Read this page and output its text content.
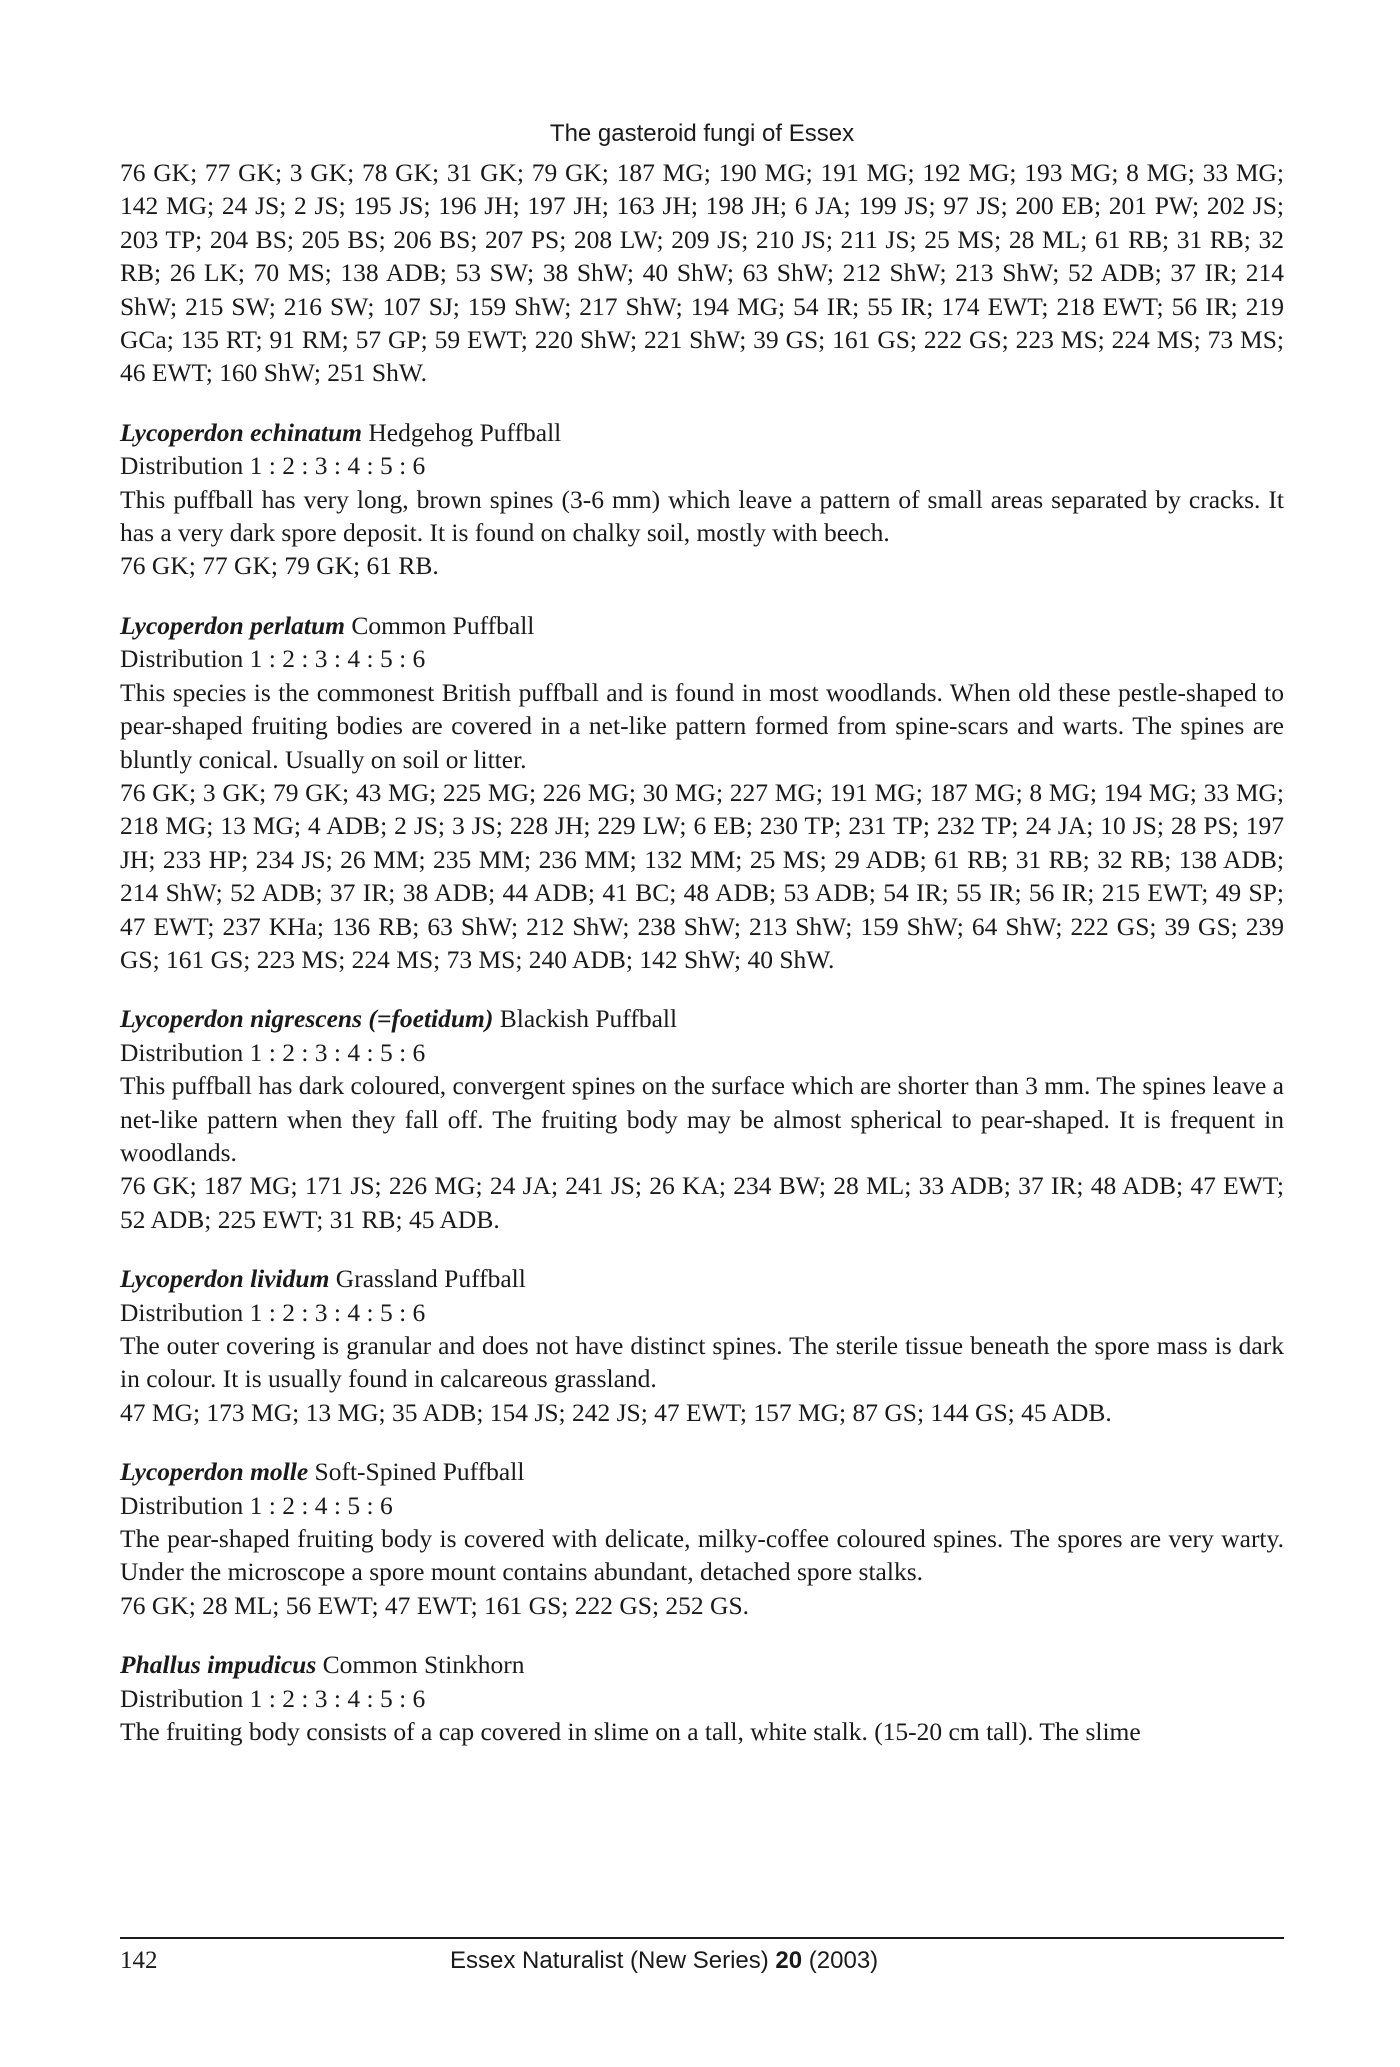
The gasteroid fungi of Essex

76 GK; 77 GK; 3 GK; 78 GK; 31 GK; 79 GK; 187 MG; 190 MG; 191 MG; 192 MG; 193 MG; 8 MG; 33 MG; 142 MG; 24 JS; 2 JS; 195 JS; 196 JH; 197 JH; 163 JH; 198 JH; 6 JA; 199 JS; 97 JS; 200 EB; 201 PW; 202 JS; 203 TP; 204 BS; 205 BS; 206 BS; 207 PS; 208 LW; 209 JS; 210 JS; 211 JS; 25 MS; 28 ML; 61 RB; 31 RB; 32 RB; 26 LK; 70 MS; 138 ADB; 53 SW; 38 ShW; 40 ShW; 63 ShW; 212 ShW; 213 ShW; 52 ADB; 37 IR; 214 ShW; 215 SW; 216 SW; 107 SJ; 159 ShW; 217 ShW; 194 MG; 54 IR; 55 IR; 174 EWT; 218 EWT; 56 IR; 219 GCa; 135 RT; 91 RM; 57 GP; 59 EWT; 220 ShW; 221 ShW; 39 GS; 161 GS; 222 GS; 223 MS; 224 MS; 73 MS; 46 EWT; 160 ShW; 251 ShW.

Lycoperdon echinatum Hedgehog Puffball

Distribution 1 : 2 : 3 : 4 : 5 : 6

This puffball has very long, brown spines (3-6 mm) which leave a pattern of small areas separated by cracks. It has a very dark spore deposit. It is found on chalky soil, mostly with beech.

76 GK; 77 GK; 79 GK; 61 RB.

Lycoperdon perlatum Common Puffball

Distribution 1 : 2 : 3 : 4 : 5 : 6

This species is the commonest British puffball and is found in most woodlands. When old these pestle-shaped to pear-shaped fruiting bodies are covered in a net-like pattern formed from spine-scars and warts. The spines are bluntly conical. Usually on soil or litter.

76 GK; 3 GK; 79 GK; 43 MG; 225 MG; 226 MG; 30 MG; 227 MG; 191 MG; 187 MG; 8 MG; 194 MG; 33 MG; 218 MG; 13 MG; 4 ADB; 2 JS; 3 JS; 228 JH; 229 LW; 6 EB; 230 TP; 231 TP; 232 TP; 24 JA; 10 JS; 28 PS; 197 JH; 233 HP; 234 JS; 26 MM; 235 MM; 236 MM; 132 MM; 25 MS; 29 ADB; 61 RB; 31 RB; 32 RB; 138 ADB; 214 ShW; 52 ADB; 37 IR; 38 ADB; 44 ADB; 41 BC; 48 ADB; 53 ADB; 54 IR; 55 IR; 56 IR; 215 EWT; 49 SP; 47 EWT; 237 KHa; 136 RB; 63 ShW; 212 ShW; 238 ShW; 213 ShW; 159 ShW; 64 ShW; 222 GS; 39 GS; 239 GS; 161 GS; 223 MS; 224 MS; 73 MS; 240 ADB; 142 ShW; 40 ShW.

Lycoperdon nigrescens (=foetidum) Blackish Puffball

Distribution 1 : 2 : 3 : 4 : 5 : 6

This puffball has dark coloured, convergent spines on the surface which are shorter than 3 mm. The spines leave a net-like pattern when they fall off. The fruiting body may be almost spherical to pear-shaped. It is frequent in woodlands.

76 GK; 187 MG; 171 JS; 226 MG; 24 JA; 241 JS; 26 KA; 234 BW; 28 ML; 33 ADB; 37 IR; 48 ADB; 47 EWT; 52 ADB; 225 EWT; 31 RB; 45 ADB.

Lycoperdon lividum Grassland Puffball

Distribution 1 : 2 : 3 : 4 : 5 : 6

The outer covering is granular and does not have distinct spines. The sterile tissue beneath the spore mass is dark in colour. It is usually found in calcareous grassland.

47 MG; 173 MG; 13 MG; 35 ADB; 154 JS; 242 JS; 47 EWT; 157 MG; 87 GS; 144 GS; 45 ADB.

Lycoperdon molle Soft-Spined Puffball

Distribution 1 : 2 : 4 : 5 : 6

The pear-shaped fruiting body is covered with delicate, milky-coffee coloured spines. The spores are very warty. Under the microscope a spore mount contains abundant, detached spore stalks.

76 GK; 28 ML; 56 EWT; 47 EWT; 161 GS; 222 GS; 252 GS.

Phallus impudicus Common Stinkhorn

Distribution 1 : 2 : 3 : 4 : 5 : 6

The fruiting body consists of a cap covered in slime on a tall, white stalk. (15-20 cm tall). The slime

142	Essex Naturalist (New Series) 20 (2003)
